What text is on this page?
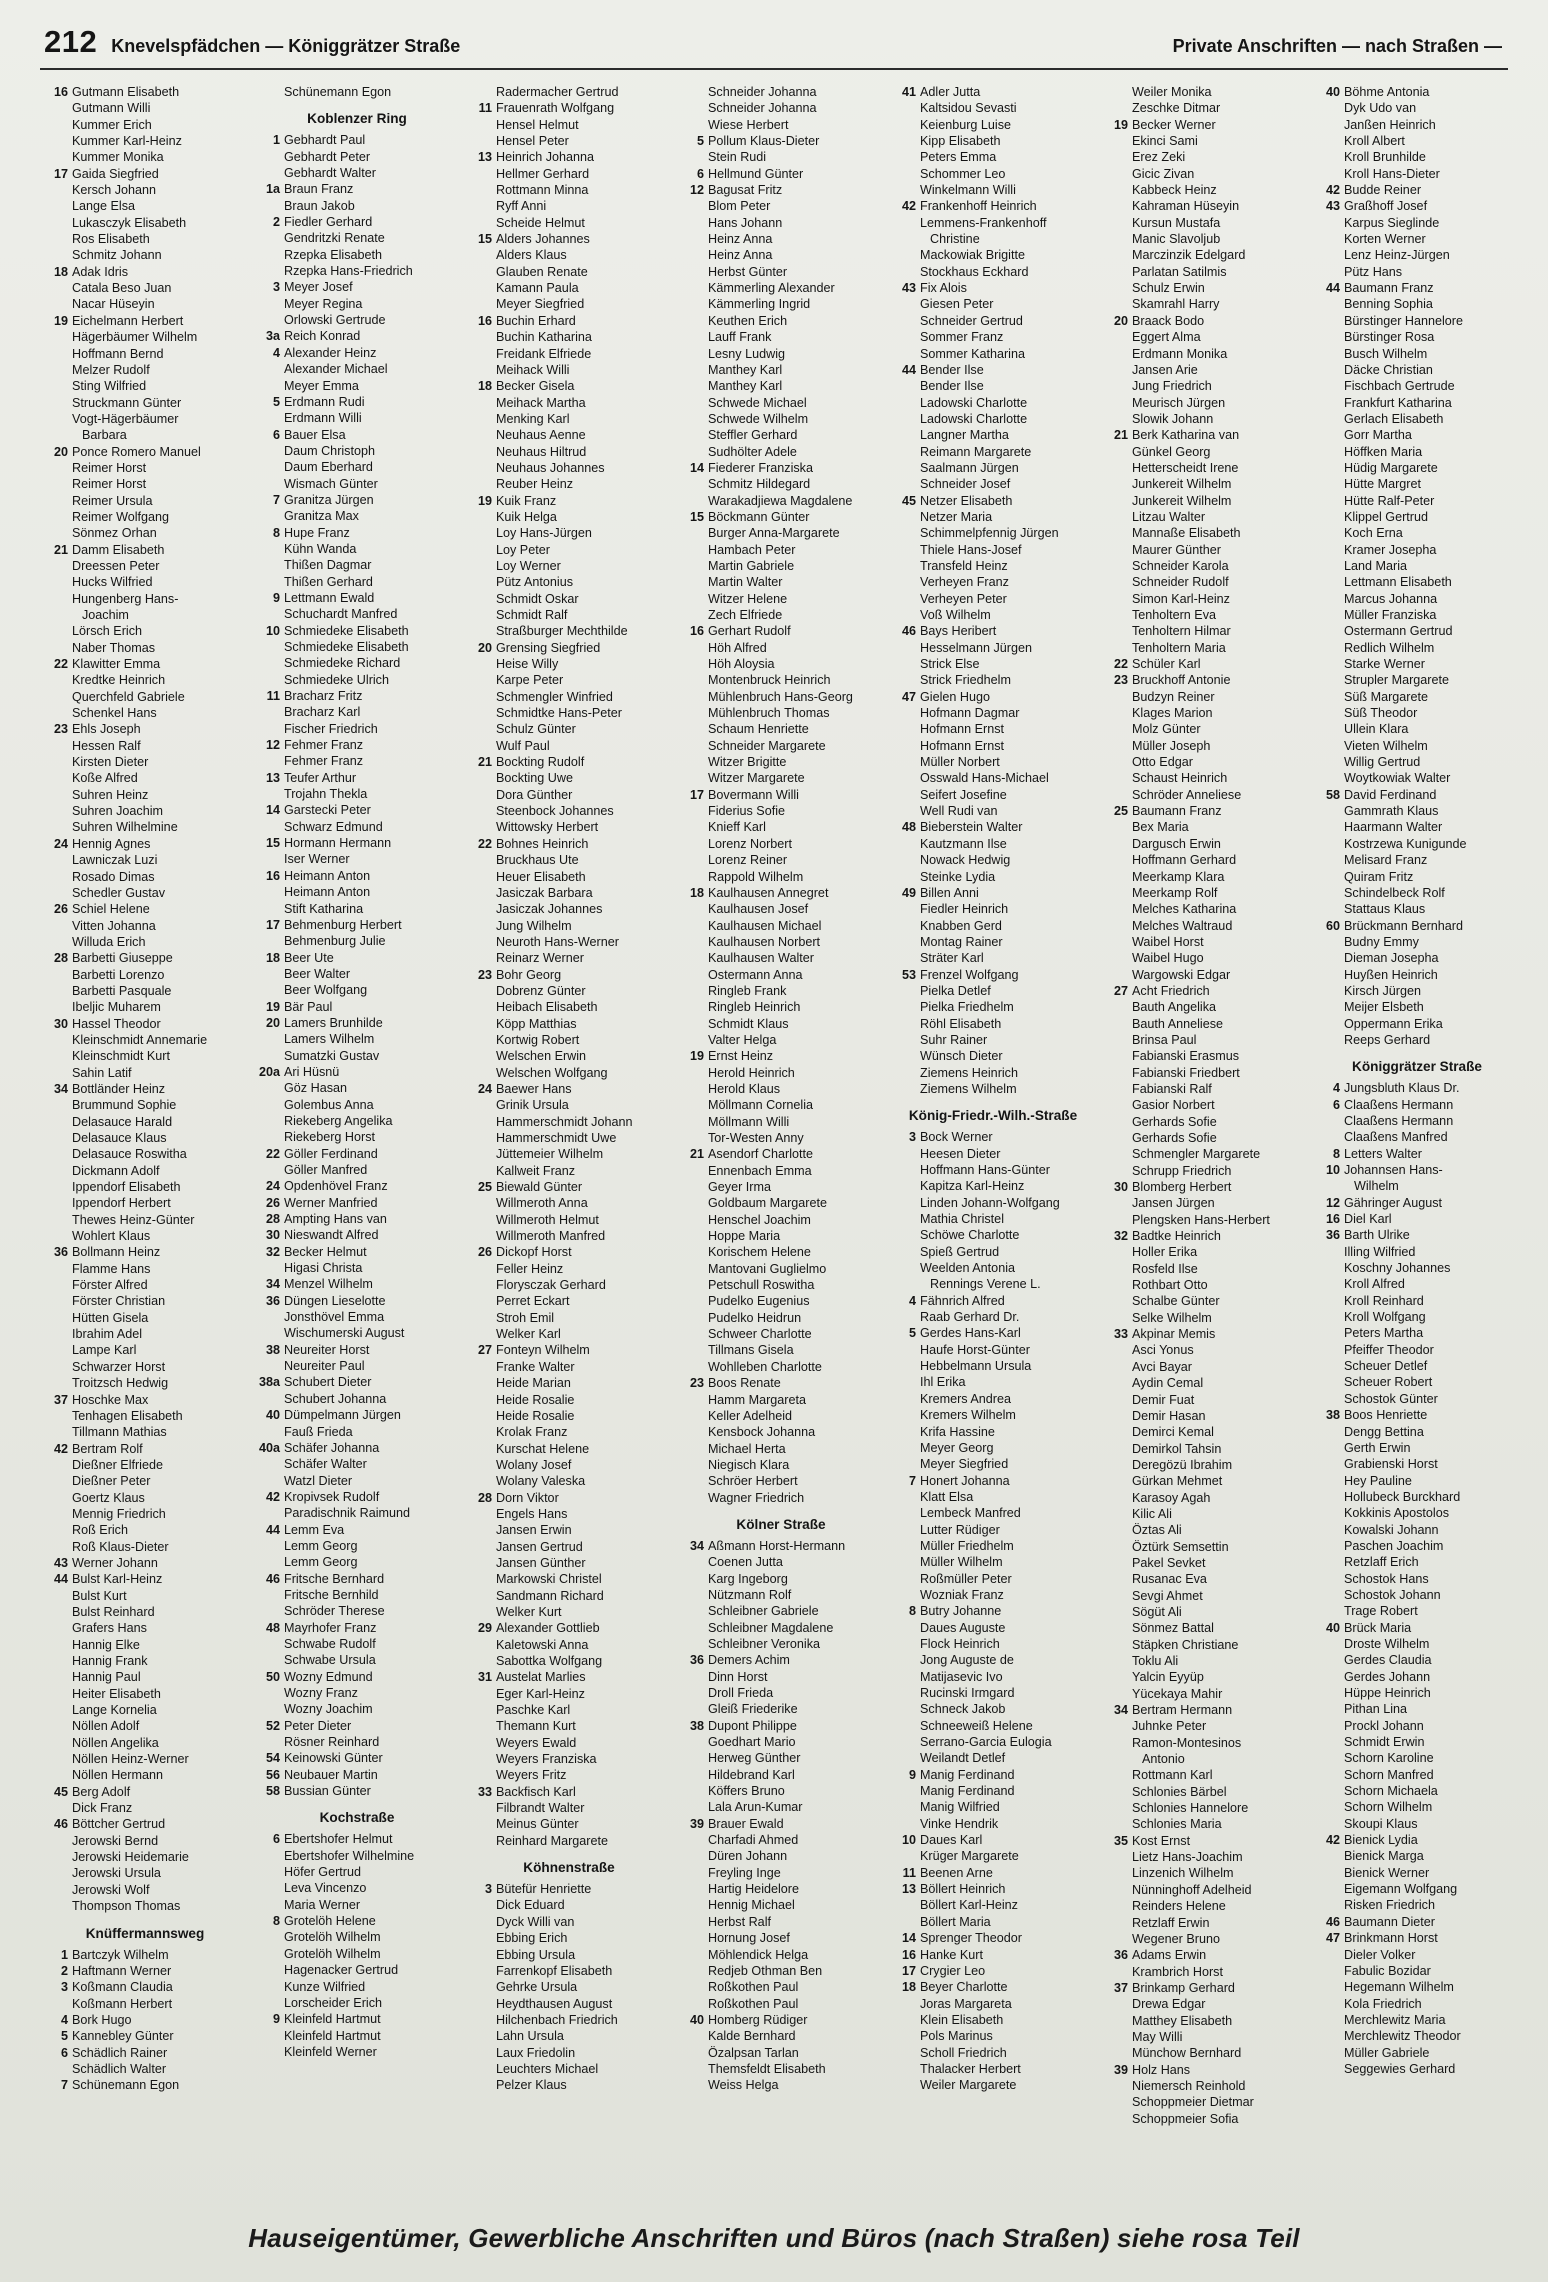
212 Knevelspfädchen — Königgrätzer Straße	Private Anschriften — nach Straßen —
16 Gutmann Elisabeth
Gutmann Willi
Kummer Erich
Kummer Karl-Heinz
Kummer Monika
17 Gaida Siegfried
Kersch Johann
Lange Elsa
Lukasczyk Elisabeth
Ros Elisabeth
Schmitz Johann
18 Adak Idris
Catala Beso Juan
Nacar Hüseyin
19 Eichelmann Herbert
Hägerbäumer Wilhelm
Hoffmann Bernd
Melzer Rudolf
Sting Wilfried
Struckmann Günter
Vogt-Hägerbäumer
Barbara
20 Ponce Romero Manuel
Reimer Horst
Reimer Horst
Reimer Ursula
Reimer Wolfgang
Sönmez Orhan
21 Damm Elisabeth
Dreessen Peter
Hucks Wilfried
Hungenberg Hans-
Joachim
Lörsch Erich
Naber Thomas
22 Klawitter Emma
Kredtke Heinrich
Querchfeld Gabriele
Schenkel Hans
23 Ehls Joseph
Hessen Ralf
Kirsten Dieter
Koße Alfred
Suhren Heinz
Suhren Joachim
Suhren Wilhelmine
24 Hennig Agnes
Lawniczak Luzi
Rosado Dimas
Schedler Gustav
26 Schiel Helene
Vitten Johanna
Willuda Erich
28 Barbetti Giuseppe
Barbetti Lorenzo
Barbetti Pasquale
Ibeljic Muharem
30 Hassel Theodor
Kleinschmidt Annemarie
Kleinschmidt Kurt
Sahin Latif
34 Bottländer Heinz
Brummund Sophie
Delasauce Harald
Delasauce Klaus
Delasauce Roswitha
Dickmann Adolf
Ippendorf Elisabeth
Ippendorf Herbert
Thewes Heinz-Günter
Wohlert Klaus
36 Bollmann Heinz
Flamme Hans
Förster Alfred
Förster Christian
Hütten Gisela
Ibrahim Adel
Lampe Karl
Schwarzer Horst
Troitzsch Hedwig
37 Hoschke Max
Tenhagen Elisabeth
Tillmann Mathias
42 Bertram Rolf
Dießner Elfriede
Dießner Peter
Goertz Klaus
Mennig Friedrich
Roß Erich
Roß Klaus-Dieter
43 Werner Johann
44 Bulst Karl-Heinz
Bulst Kurt
Bulst Reinhard
Grafers Hans
Hannig Elke
Hannig Frank
Hannig Paul
Heiter Elisabeth
Lange Kornelia
Nöllen Adolf
Nöllen Angelika
Nöllen Heinz-Werner
Nöllen Hermann
45 Berg Adolf
Dick Franz
46 Böttcher Gertrud
Jerowski Bernd
Jerowski Heidemarie
Jerowski Ursula
Jerowski Wolf
Thompson Thomas
Knüffermannsweg
1 Bartczyk Wilhelm
2 Haftmann Werner
3 Koßmann Claudia
Koßmann Herbert
4 Bork Hugo
5 Kannebley Günter
6 Schädlich Rainer
Schädlich Walter
7 Schünemann Egon
Schünemann Egon
Koblenzer Ring
1 Gebhardt Paul
Gebhardt Peter
Gebhardt Walter
1a Braun Franz
Braun Jakob
2 Fiedler Gerhard
Gendritzki Renate
Rzepka Elisabeth
Rzepka Hans-Friedrich
3 Meyer Josef
Meyer Regina
Orlowski Gertrude
3a Reich Konrad
4 Alexander Heinz
Alexander Michael
Meyer Emma
5 Erdmann Rudi
Erdmann Willi
6 Bauer Elsa
Daum Christoph
Daum Eberhard
Wismach Günter
7 Granitza Jürgen
Granitza Max
8 Hupe Franz
Kühn Wanda
Thißen Dagmar
Thißen Gerhard
9 Lettmann Ewald
Schuchardt Manfred
10 Schmiedeke Elisabeth
Schmiedeke Elisabeth
Schmiedeke Richard
Schmiedeke Ulrich
11 Bracharz Fritz
Bracharz Karl
Fischer Friedrich
12 Fehmer Franz
Fehmer Franz
13 Teufer Arthur
Trojahn Thekla
14 Garstecki Peter
Schwarz Edmund
15 Hormann Hermann
Iser Werner
16 Heimann Anton
Heimann Anton
Stift Katharina
17 Behmenburg Herbert
Behmenburg Julie
18 Beer Ute
Beer Walter
Beer Wolfgang
19 Bär Paul
20 Lamers Brunhilde
Lamers Wilhelm
Sumatzki Gustav
20a Ari Hüsnü
Göz Hasan
Golembus Anna
Riekeberg Angelika
Riekeberg Horst
22 Göller Ferdinand
Göller Manfred
24 Opdenhövel Franz
26 Werner Manfried
28 Ampting Hans van
30 Nieswandt Alfred
32 Becker Helmut
Higasi Christa
34 Menzel Wilhelm
36 Düngen Lieselotte
Jonsthövel Emma
Wischumerski August
38 Neureiter Horst
Neureiter Paul
38a Schubert Dieter
Schubert Johanna
40 Dümpelmann Jürgen
Fauß Frieda
40a Schäfer Johanna
Schäfer Walter
Watzl Dieter
42 Kropivsek Rudolf
Paradischnik Raimund
44 Lemm Eva
Lemm Georg
Lemm Georg
46 Fritsche Bernhard
Fritsche Bernhild
Schröder Therese
48 Mayrhofer Franz
Schwabe Rudolf
Schwabe Ursula
50 Wozny Edmund
Wozny Franz
Wozny Joachim
52 Peter Dieter
Rösner Reinhard
54 Keinowski Günter
56 Neubauer Martin
58 Bussian Günter
Kochstraße
6 Ebertshofer Helmut
Ebertshofer Wilhelmine
Höfer Gertrud
Leva Vincenzo
Maria Werner
8 Grotelöh Helene
Grotelöh Wilhelm
Grotelöh Wilhelm
Hagenacker Gertrud
Kunze Wilfried
Lorscheider Erich
9 Kleinfeld Hartmut
Kleinfeld Hartmut
Kleinfeld Werner
Radermacher Gertrud
11 Frauenrath Wolfgang
Hensel Helmut
Hensel Peter
13 Heinrich Johanna
Hellmer Gerhard
Rottmann Minna
Ryff Anni
Scheide Helmut
15 Alders Johannes
Alders Klaus
Glauben Renate
Kamann Paula
Meyer Siegfried
16 Buchin Erhard
Buchin Katharina
Freidank Elfriede
Meihack Willi
18 Becker Gisela
Meihack Martha
Menking Karl
Neuhaus Aenne
Neuhaus Hiltrud
Neuhaus Johannes
Reuber Heinz
19 Kuik Franz
Kuik Helga
Loy Hans-Jürgen
Loy Peter
Loy Werner
Pütz Antonius
Schmidt Oskar
Schmidt Ralf
Straßburger Mechthilde
20 Grensing Siegfried
Heise Willy
Karpe Peter
Schmengler Winfried
Schmidtke Hans-Peter
Schulz Günter
Wulf Paul
21 Bockting Rudolf
Bockting Uwe
Dora Günther
Steenbock Johannes
Wittowsky Herbert
22 Bohnes Heinrich
Bruckhaus Ute
Heuer Elisabeth
Jasiczak Barbara
Jasiczak Johannes
Jung Wilhelm
Neuroth Hans-Werner
Reinarz Werner
23 Bohr Georg
Dobrenz Günter
Heibach Elisabeth
Köpp Matthias
Kortwig Robert
Welschen Erwin
Welschen Wolfgang
24 Baewer Hans
Grinik Ursula
Hammerschmidt Johann
Hammerschmidt Uwe
Jüttemeier Wilhelm
Kallweit Franz
25 Biewald Günter
Willmeroth Anna
Willmeroth Helmut
Willmeroth Manfred
26 Dickopf Horst
Feller Heinz
Florysczak Gerhard
Perret Eckart
Stroh Emil
Welker Karl
27 Fonteyn Wilhelm
Franke Walter
Heide Marian
Heide Rosalie
Heide Rosalie
Krolak Franz
Kurschat Helene
Wolany Josef
Wolany Valeska
28 Dorn Viktor
Engels Hans
Jansen Erwin
Jansen Gertrud
Jansen Günther
Markowski Christel
Sandmann Richard
Welker Kurt
29 Alexander Gottlieb
Kaletowski Anna
Sabottka Wolfgang
31 Austelat Marlies
Eger Karl-Heinz
Paschke Karl
Themann Kurt
Weyers Ewald
Weyers Franziska
Weyers Fritz
33 Backfisch Karl
Filbrandt Walter
Meinus Günter
Reinhard Margarete
Köhnenstraße
3 Bütefür Henriette
Dick Eduard
Dyck Willi van
Ebbing Erich
Ebbing Ursula
Farrenkopf Elisabeth
Gehrke Ursula
Heydthausen August
Hilchenbach Friedrich
Lahn Ursula
Laux Friedolin
Leuchters Michael
Pelzer Klaus
Schneider Johanna
Schneider Johanna
Wiese Herbert
5 Pollum Klaus-Dieter
Stein Rudi
6 Hellmund Günter
12 Bagusat Fritz
Blom Peter
Hans Johann
Heinz Anna
Heinz Anna
Herbst Günter
Kämmerling Alexander
Kämmerling Ingrid
Keuthen Erich
Lauff Frank
Lesny Ludwig
Manthey Karl
Manthey Karl
Schwede Michael
Schwede Wilhelm
Steffler Gerhard
Sudhölter Adele
14 Fiederer Franziska
Schmitz Hildegard
Warakadjiewa Magdalene
15 Böckmann Günter
Burger Anna-Margarete
Hambach Peter
Martin Gabriele
Martin Walter
Witzer Helene
Zech Elfriede
16 Gerhart Rudolf
Höh Alfred
Höh Aloysia
Montenbruck Heinrich
Mühlenbruch Hans-Georg
Mühlenbruch Thomas
Schaum Henriette
Schneider Margarete
Witzer Brigitte
Witzer Margarete
17 Bovermann Willi
Fiderius Sofie
Knieff Karl
Lorenz Norbert
Lorenz Reiner
Rappold Wilhelm
18 Kaulhausen Annegret
Kaulhausen Josef
Kaulhausen Michael
Kaulhausen Norbert
Kaulhausen Walter
Ostermann Anna
Ringleb Frank
Ringleb Heinrich
Schmidt Klaus
Valter Helga
19 Ernst Heinz
Herold Heinrich
Herold Klaus
Möllmann Cornelia
Möllmann Willi
Tor-Westen Anny
21 Asendorf Charlotte
Ennenbach Emma
Geyer Irma
Goldbaum Margarete
Henschel Joachim
Hoppe Maria
Korischem Helene
Mantovani Guglielmo
Petschull Roswitha
Pudelko Eugenius
Pudelko Heidrun
Schweer Charlotte
Tillmans Gisela
Wohlleben Charlotte
23 Boos Renate
Hamm Margareta
Keller Adelheid
Kensbock Johanna
Michael Herta
Niegisch Klara
Schröer Herbert
Wagner Friedrich
Kölner Straße
34 Aßmann Horst-Hermann
Coenen Jutta
Karg Ingeborg
Nützmann Rolf
Schleibner Gabriele
Schleibner Magdalene
Schleibner Veronika
36 Demers Achim
Dinn Horst
Droll Frieda
Gleiß Friederike
38 Dupont Philippe
Goedhart Mario
Herweg Günther
Hildebrand Karl
Köffers Bruno
Lala Arun-Kumar
39 Brauer Ewald
Charfadi Ahmed
Düren Johann
Freyling Inge
Hartig Heidelore
Hennig Michael
Herbst Ralf
Hornung Josef
Möhlendick Helga
Redjeb Othman Ben
Roßkothen Paul
Roßkothen Paul
40 Homberg Rüdiger
Kalde Bernhard
Özalpsan Tarlan
Themsfeldt Elisabeth
Weiss Helga
41 Adler Jutta
Kaltsidou Sevasti
Keienburg Luise
Kipp Elisabeth
Peters Emma
Schommer Leo
Winkelmann Willi
42 Frankenhoff Heinrich
Lemmens-Frankenhoff
Christine
Mackowiak Brigitte
Stockhaus Eckhard
43 Fix Alois
Giesen Peter
Schneider Gertrud
Sommer Franz
Sommer Katharina
44 Bender Ilse
Bender Ilse
Ladowski Charlotte
Ladowski Charlotte
Langner Martha
Reimann Margarete
Saalmann Jürgen
Schneider Josef
45 Netzer Elisabeth
Netzer Maria
Schimmelpfennig Jürgen
Thiele Hans-Josef
Transfeld Heinz
Verheyen Franz
Verheyen Peter
Voß Wilhelm
46 Bays Heribert
Hesselmann Jürgen
Strick Else
Strick Friedhelm
47 Gielen Hugo
Hofmann Dagmar
Hofmann Ernst
Hofmann Ernst
Müller Norbert
Osswald Hans-Michael
Seifert Josefine
Well Rudi van
48 Bieberstein Walter
Kautzmann Ilse
Nowack Hedwig
Steinke Lydia
49 Billen Anni
Fiedler Heinrich
Knabben Gerd
Montag Rainer
Sträter Karl
53 Frenzel Wolfgang
Pielka Detlef
Pielka Friedhelm
Röhl Elisabeth
Suhr Rainer
Wünsch Dieter
Ziemens Heinrich
Ziemens Wilhelm
König-Friedr.-Wilh.-Straße
3 Bock Werner
Heesen Dieter
Hoffmann Hans-Günter
Kapitza Karl-Heinz
Linden Johann-Wolfgang
Mathia Christel
Schöwe Charlotte
Spieß Gertrud
Weelden Antonia
Rennings Verene L.
4 Fähnrich Alfred
Raab Gerhard Dr.
5 Gerdes Hans-Karl
Haufe Horst-Günter
Hebbelmann Ursula
Ihl Erika
Kremers Andrea
Kremers Wilhelm
Krifa Hassine
Meyer Georg
Meyer Siegfried
7 Honert Johanna
Klatt Elsa
Lembeck Manfred
Lutter Rüdiger
Müller Friedhelm
Müller Wilhelm
Roßmüller Peter
Wozniak Franz
8 Butry Johanne
Daues Auguste
Flock Heinrich
Jong Auguste de
Matijasevic Ivo
Rucinski Irmgard
Schneck Jakob
Schneeweiß Helene
Serrano-Garcia Eulogia
Weilandt Detlef
9 Manig Ferdinand
Manig Ferdinand
Manig Wilfried
Vinke Hendrik
10 Daues Karl
Krüger Margarete
11 Beenen Arne
13 Böllert Heinrich
Böllert Karl-Heinz
Böllert Maria
14 Sprenger Theodor
16 Hanke Kurt
17 Crygier Leo
18 Beyer Charlotte
Joras Margareta
Klein Elisabeth
Pols Marinus
Scholl Friedrich
Thalacker Herbert
Weiler Margarete
Weiler Monika
Zeschke Ditmar
19 Becker Werner
Ekinci Sami
Erez Zeki
Gicic Zivan
Kabbeck Heinz
Kahraman Hüseyin
Kursun Mustafa
Manic Slavoljub
Marczinzik Edelgard
Parlatan Satilmis
Schulz Erwin
Skamrahl Harry
20 Braack Bodo
Eggert Alma
Erdmann Monika
Jansen Arie
Jung Friedrich
Meurisch Jürgen
Slowik Johann
21 Berk Katharina van
Günkel Georg
Hetterscheidt Irene
Junkereit Wilhelm
Junkereit Wilhelm
Litzau Walter
Mannaße Elisabeth
Maurer Günther
Schneider Karola
Schneider Rudolf
Simon Karl-Heinz
Tenholtern Eva
Tenholtern Hilmar
Tenholtern Maria
22 Schüler Karl
23 Bruckhoff Antonie
Budzyn Reiner
Klages Marion
Molz Günter
Müller Joseph
Otto Edgar
Schaust Heinrich
Schröder Anneliese
25 Baumann Franz
Bex Maria
Dargusch Erwin
Hoffmann Gerhard
Meerkamp Klara
Meerkamp Rolf
Melches Katharina
Melches Waltraud
Waibel Horst
Waibel Hugo
Wargowski Edgar
27 Acht Friedrich
Bauth Angelika
Bauth Anneliese
Brinsa Paul
Fabianski Erasmus
Fabianski Friedbert
Fabianski Ralf
Gasior Norbert
Gerhards Sofie
Gerhards Sofie
Schmengler Margarete
Schrupp Friedrich
30 Blomberg Herbert
Jansen Jürgen
Plengsken Hans-Herbert
32 Badtke Heinrich
Holler Erika
Rosfeld Ilse
Rothbart Otto
Schalbe Günter
Selke Wilhelm
33 Akpinar Memis
Asci Yonus
Avci Bayar
Aydin Cemal
Demir Fuat
Demir Hasan
Demirci Kemal
Demirkol Tahsin
Deregözü Ibrahim
Gürkan Mehmet
Karasoy Agah
Kilic Ali
Öztas Ali
Öztürk Semsettin
Pakel Sevket
Rusanac Eva
Sevgi Ahmet
Sögüt Ali
Sönmez Battal
Stäpken Christiane
Toklu Ali
Yalcin Eyyüp
Yücekaya Mahir
34 Bertram Hermann
Juhnke Peter
Ramon-Montesinos
Antonio
Rottmann Karl
Schlonies Bärbel
Schlonies Hannelore
Schlonies Maria
35 Kost Ernst
Lietz Hans-Joachim
Linzenich Wilhelm
Nünninghoff Adelheid
Reinders Helene
Retzlaff Erwin
Wegener Bruno
36 Adams Erwin
Krambrich Horst
37 Brinkamp Gerhard
Drewa Edgar
Matthey Elisabeth
May Willi
Münchow Bernhard
39 Holz Hans
Niemersch Reinhold
Schoppmeier Dietmar
Schoppmeier Sofia
40 Böhme Antonia
Dyk Udo van
Janßen Heinrich
Kroll Albert
Kroll Brunhilde
Kroll Hans-Dieter
42 Budde Reiner
43 Graßhoff Josef
Karpus Sieglinde
Korten Werner
Lenz Heinz-Jürgen
Pütz Hans
44 Baumann Franz
Benning Sophia
Bürstinger Hannelore
Bürstinger Rosa
Busch Wilhelm
Däcke Christian
Fischbach Gertrude
Frankfurt Katharina
Gerlach Elisabeth
Gorr Martha
Höffken Maria
Hüdig Margarete
Hütte Margret
Hütte Ralf-Peter
Klippel Gertrud
Koch Erna
Kramer Josepha
Land Maria
Lettmann Elisabeth
Marcus Johanna
Müller Franziska
Ostermann Gertrud
Redlich Wilhelm
Starke Werner
Strupler Margarete
Süß Margarete
Süß Theodor
Ullein Klara
Vieten Wilhelm
Willig Gertrud
Woytkowiak Walter
58 David Ferdinand
Gammrath Klaus
Haarmann Walter
Kostrzewa Kunigunde
Melisard Franz
Quiram Fritz
Schindelbeck Rolf
Stattaus Klaus
60 Brückmann Bernhard
Budny Emmy
Dieman Josepha
Huyßen Heinrich
Kirsch Jürgen
Meijer Elsbeth
Oppermann Erika
Reeps Gerhard
Königgrätzer Straße
4 Jungsbluth Klaus Dr.
6 Claaßens Hermann
Claaßens Hermann
Claaßens Manfred
8 Letters Walter
10 Johannsen Hans-
Wilhelm
12 Gähringer August
16 Diel Karl
36 Barth Ulrike
Illing Wilfried
Koschny Johannes
Kroll Alfred
Kroll Reinhard
Kroll Wolfgang
Peters Martha
Pfeiffer Theodor
Scheuer Detlef
Scheuer Robert
Schostok Günter
38 Boos Henriette
Dengg Bettina
Gerth Erwin
Grabienski Horst
Hey Pauline
Hollubeck Burckhard
Kokkinis Apostolos
Kowalski Johann
Paschen Joachim
Retzlaff Erich
Schostok Hans
Schostok Johann
Trage Robert
40 Brück Maria
Droste Wilhelm
Gerdes Claudia
Gerdes Johann
Hüppe Heinrich
Pithan Lina
Prockl Johann
Schmidt Erwin
Schorn Karoline
Schorn Manfred
Schorn Michaela
Schorn Wilhelm
Skoupi Klaus
42 Bienick Lydia
Bienick Marga
Bienick Werner
Eigemann Wolfgang
Risken Friedrich
46 Baumann Dieter
47 Brinkmann Horst
Dieler Volker
Fabulic Bozidar
Hegemann Wilhelm
Kola Friedrich
Merchlewitz Maria
Merchlewitz Theodor
Müller Gabriele
Seggewies Gerhard
Hauseigentümer, Gewerbliche Anschriften und Büros (nach Straßen) siehe rosa Teil
